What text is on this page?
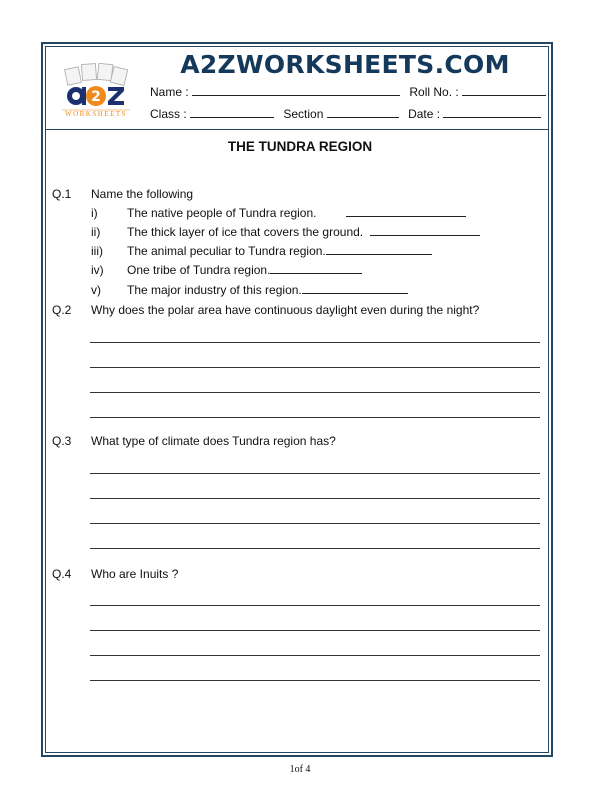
2
WORKSHEETS
A2ZWORKSHEETS.COM
Name :	Roll No. :
Class :	Section	Date :
THE TUNDRA REGION
Q.1 Name the following
i) The native people of Tundra region.
ii) The thick layer of ice that covers the ground.
iii) The animal peculiar to Tundra region.
iv) One tribe of Tundra region.
v) The major industry of this region.
Q.2 Why does the polar area have continuous daylight even during the night?
Q.3 What type of climate does Tundra region has?
Q.4 Who are Inuits ?
1of 4
